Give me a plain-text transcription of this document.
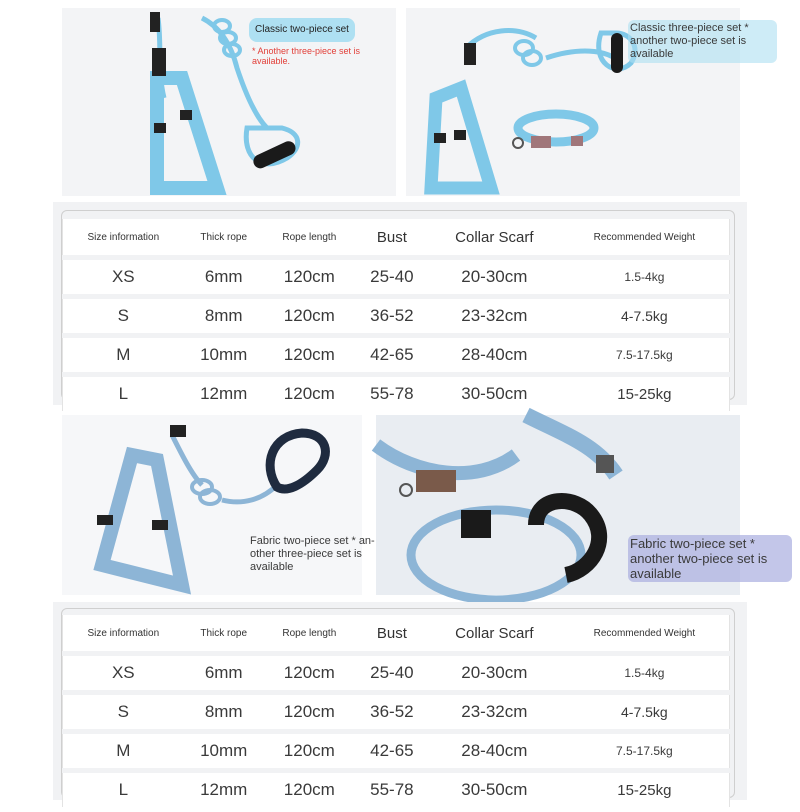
Classic two-piece set
* Another three-piece set is available.
Classic three-piece set * another two-piece set is available
Size information	Thick rope	Rope length	Bust	Collar Scarf	Recommended Weight
XS	6mm	120cm	25-40	20-30cm	1.5-4kg
S	8mm	120cm	36-52	23-32cm	4-7.5kg
M	10mm	120cm	42-65	28-40cm	7.5-17.5kg
L	12mm	120cm	55-78	30-50cm	15-25kg
Fabric two-piece set * an-other three-piece set is available
Fabric two-piece set * another two-piece set is available
Size information	Thick rope	Rope length	Bust	Collar Scarf	Recommended Weight
XS	6mm	120cm	25-40	20-30cm	1.5-4kg
S	8mm	120cm	36-52	23-32cm	4-7.5kg
M	10mm	120cm	42-65	28-40cm	7.5-17.5kg
L	12mm	120cm	55-78	30-50cm	15-25kg
